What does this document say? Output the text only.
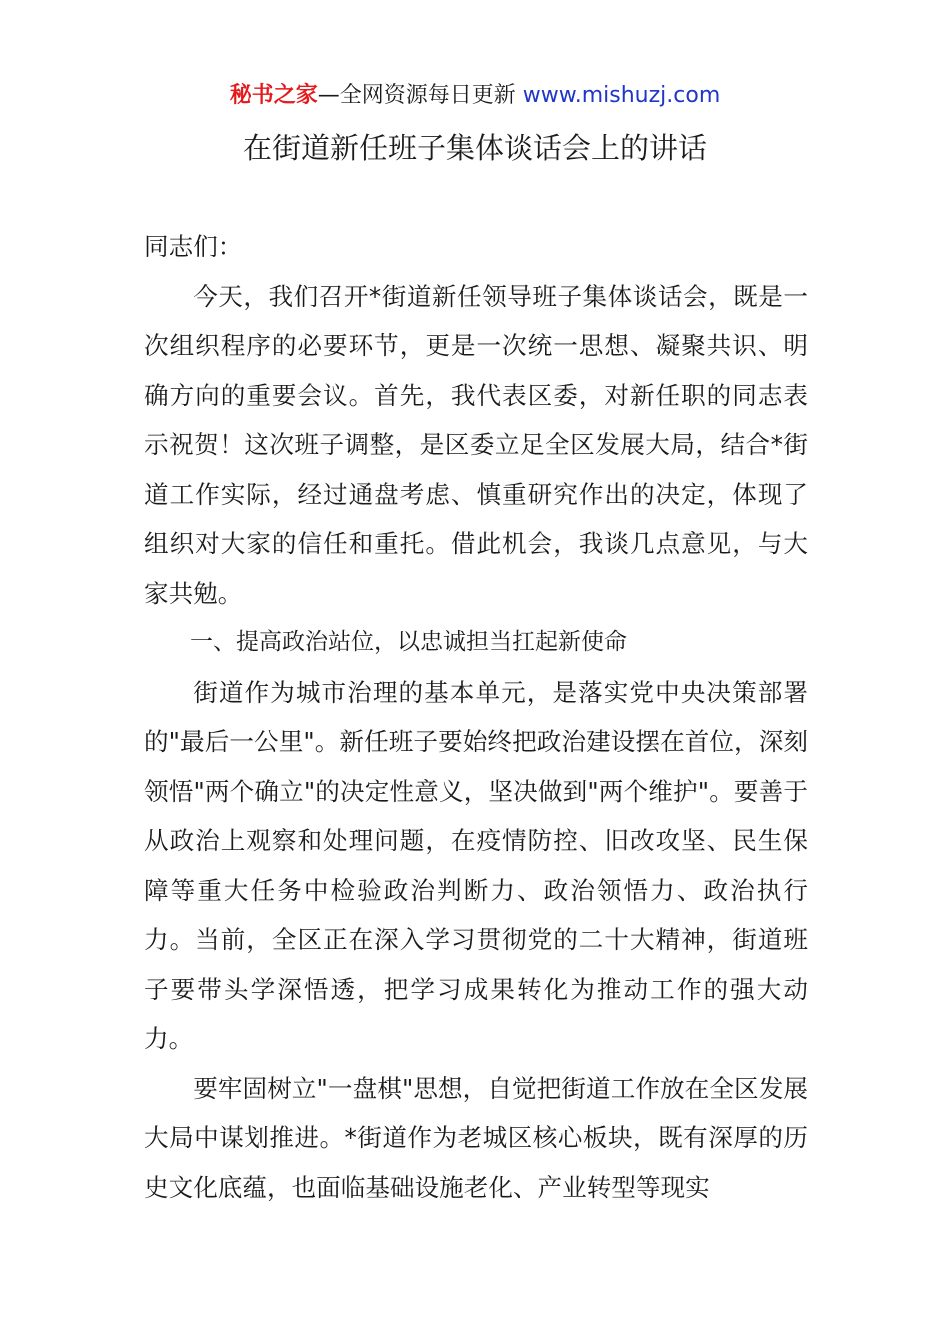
秘书之家—全网资源每日更新 www.mishuzj.com
在街道新任班子集体谈话会上的讲话

同志们：

今天，我们召开*街道新任领导班子集体谈话会，既是一次组织程序的必要环节，更是一次统一思想、凝聚共识、明确方向的重要会议。首先，我代表区委，对新任职的同志表示祝贺！这次班子调整，是区委立足全区发展大局，结合*街道工作实际，经过通盘考虑、慎重研究作出的决定，体现了组织对大家的信任和重托。借此机会，我谈几点意见，与大家共勉。

一、提高政治站位，以忠诚担当扛起新使命

街道作为城市治理的基本单元，是落实党中央决策部署的"最后一公里"。新任班子要始终把政治建设摆在首位，深刻领悟"两个确立"的决定性意义，坚决做到"两个维护"。要善于从政治上观察和处理问题，在疫情防控、旧改攻坚、民生保障等重大任务中检验政治判断力、政治领悟力、政治执行力。当前，全区正在深入学习贯彻党的二十大精神，街道班子要带头学深悟透，把学习成果转化为推动工作的强大动力。

要牢固树立"一盘棋"思想，自觉把街道工作放在全区发展大局中谋划推进。*街道作为老城区核心板块，既有深厚的历史文化底蕴，也面临基础设施老化、产业转型等现实
